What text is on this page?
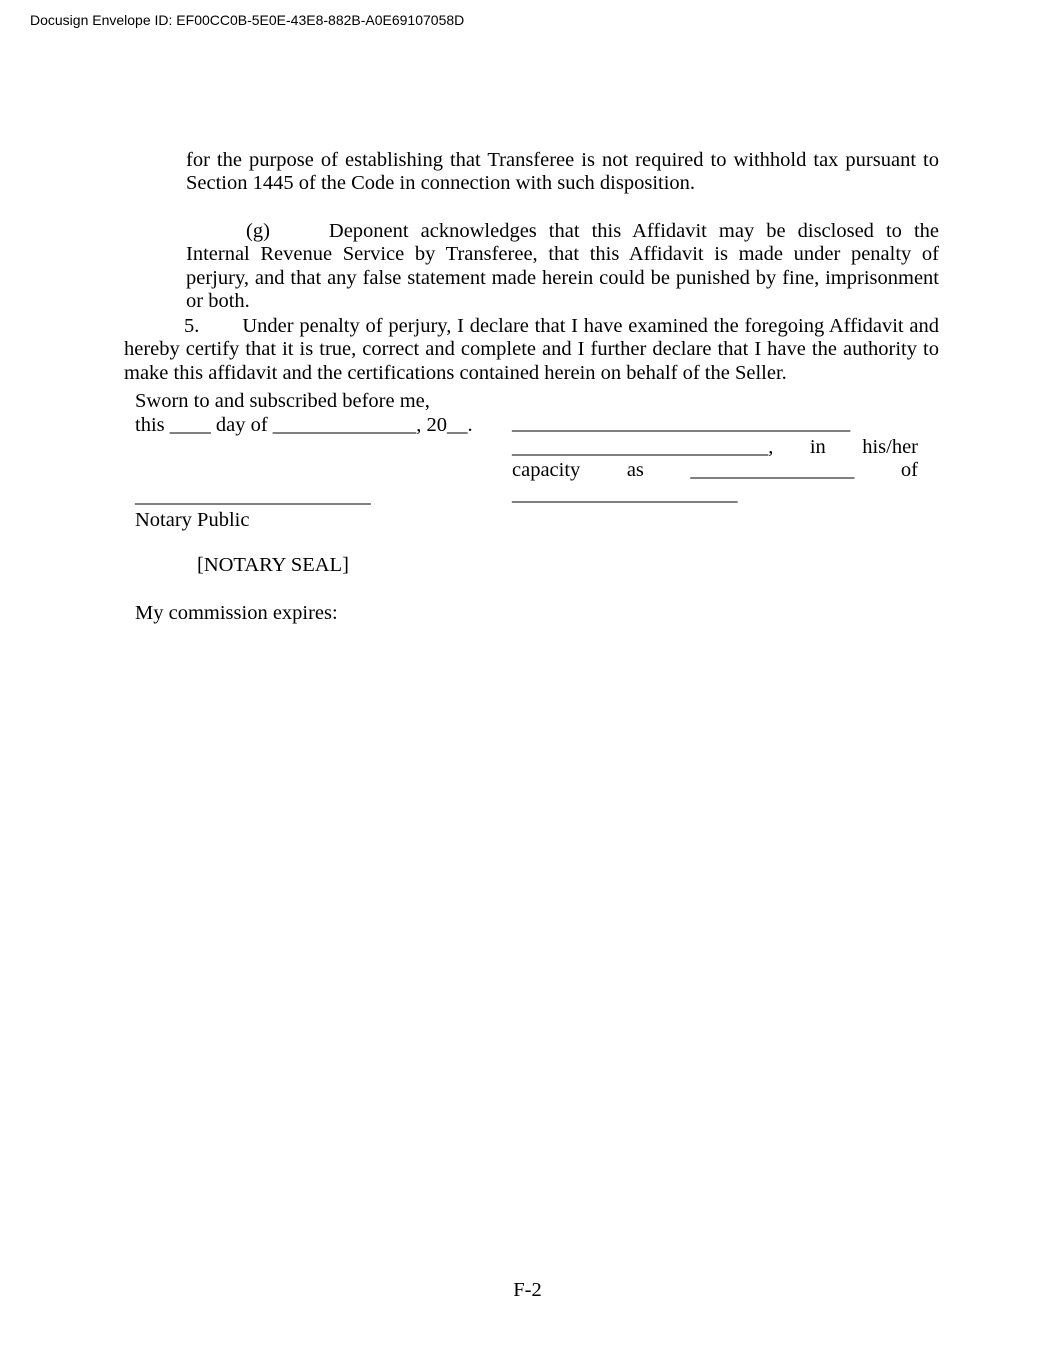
Docusign Envelope ID: EF00CC0B-5E0E-43E8-882B-A0E69107058D

for the purpose of establishing that Transferee is not required to withhold tax pursuant to Section 1445 of the Code in connection with such disposition.

(g)	Deponent acknowledges that this Affidavit may be disclosed to the Internal Revenue Service by Transferee, that this Affidavit is made under penalty of perjury, and that any false statement made herein could be punished by fine, imprisonment or both.

5. Under penalty of perjury, I declare that I have examined the foregoing Affidavit and hereby certify that it is true, correct and complete and I further declare that I have the authority to make this affidavit and the certifications contained herein on behalf of the Seller.

Sworn to and subscribed before me,
this ____ day of ______________, 20__. _________________________________
_________________________, in his/her
capacity as ________________ of
______________________
_______________________
Notary Public
[NOTARY SEAL]
My commission expires:
F-2
